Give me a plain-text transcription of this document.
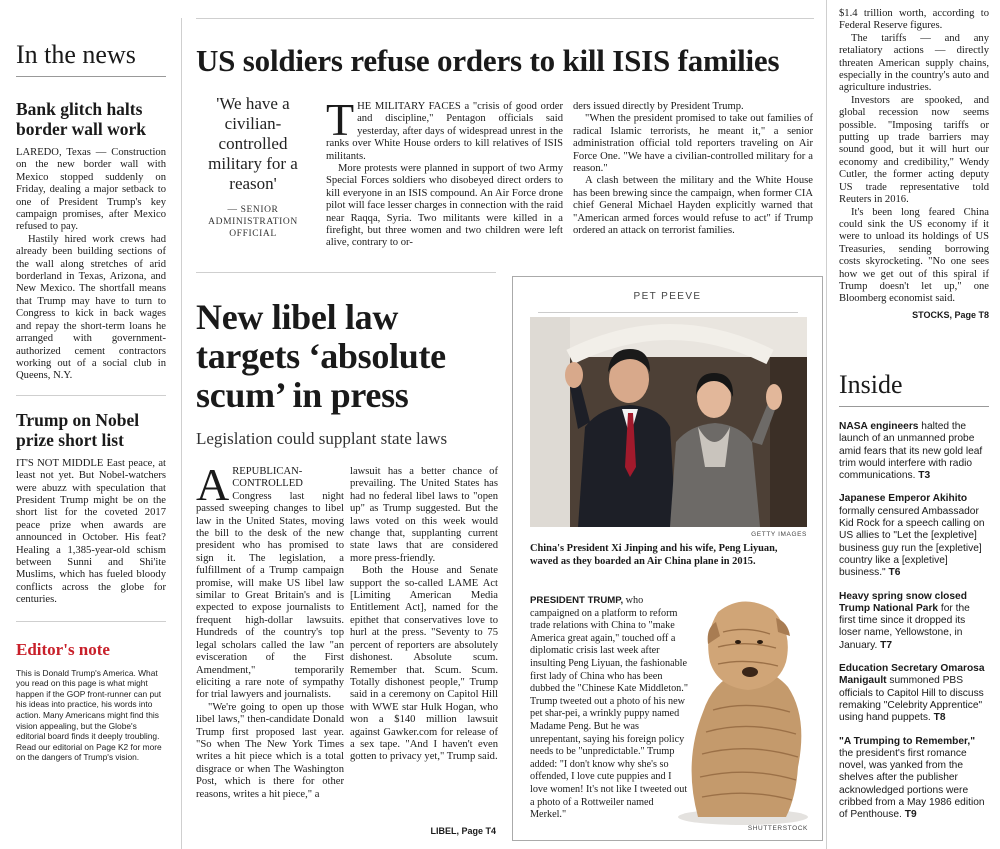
In the news
Bank glitch halts border wall work

LAREDO, Texas — Construction on the new border wall with Mexico stopped suddenly on Friday, dealing a major setback to one of President Trump's key campaign promises, after Mexico refused to pay.

Hastily hired work crews had already been building sections of the wall along stretches of arid borderland in Texas, Arizona, and New Mexico. The shortfall means that Trump may have to turn to Congress to kick in back wages and repay the short-term loans he arranged with government-authorized cement contractors working out of a social club in Queens, N.Y.

Trump on Nobel prize short list

IT'S NOT MIDDLE East peace, at least not yet. But Nobel-watchers were abuzz with speculation that President Trump might be on the short list for the coveted 2017 peace prize when awards are announced in October. His feat? Healing a 1,385-year-old schism between Sunni and Shi'ite Muslims, which has fueled bloody conflicts across the globe for centuries.

Editor's note

This is Donald Trump's America. What you read on this page is what might happen if the GOP front-runner can put his ideas into practice, his words into action. Many Americans might find this vision appealing, but the Globe's editorial board finds it deeply troubling. Read our editorial on Page K2 for more on the dangers of Trump's vision.

US soldiers refuse orders to kill ISIS families
'We have a civilian-controlled military for a reason'
— SENIOR ADMINISTRATION OFFICIAL

THE MILITARY FACES a "crisis of good order and discipline," Pentagon officials said yesterday, after days of widespread unrest in the ranks over White House orders to kill relatives of ISIS militants.

More protests were planned in support of two Army Special Forces soldiers who disobeyed direct orders to kill everyone in an ISIS compound. An Air Force drone pilot will face lesser charges in connection with the raid near Raqqa, Syria. Two militants were killed in a firefight, but three women and two children were left alive, contrary to or-

ders issued directly by President Trump.

"When the president promised to take out families of radical Islamic terrorists, he meant it," a senior administration official told reporters traveling on Air Force One. "We have a civilian-controlled military for a reason."

A clash between the military and the White House has been brewing since the campaign, when former CIA chief General Michael Hayden explicitly warned that "American armed forces would refuse to act" if Trump ordered an attack on terrorist families.

New libel law
targets ‘absolute
scum’ in press
Legislation could supplant state laws

AREPUBLICAN-CONTROLLED Congress last night passed sweeping changes to libel law in the United States, moving the bill to the desk of the new president who has promised to sign it. The legislation, a fulfillment of a Trump campaign promise, will make US libel law similar to Great Britain's and is expected to expose journalists to frequent high-dollar lawsuits. Hundreds of the country's top legal scholars called the law "an evisceration of the First Amendment," temporarily eliciting a rare note of sympathy for trial lawyers and journalists.

"We're going to open up those libel laws," then-candidate Donald Trump first proposed last year. "So when The New York Times writes a hit piece which is a total disgrace or when The Washington Post, which is there for other reasons, writes a hit piece," a

lawsuit has a better chance of prevailing. The United States has had no federal libel laws to "open up" as Trump suggested. But the laws voted on this week would change that, supplanting current state laws that are considered more press-friendly.

Both the House and Senate support the so-called LAME Act [Limiting American Media Entitlement Act], named for the epithet that conservatives love to hurl at the press. "Seventy to 75 percent of reporters are absolutely dishonest. Absolute scum. Remember that. Scum. Scum. Totally dishonest people," Trump said in a ceremony on Capitol Hill with WWE star Hulk Hogan, who won a $140 million lawsuit against Gawker.com for release of a sex tape. "And I haven't even gotten to privacy yet," Trump said.

LIBEL, Page T4
PET PEEVE
GETTY IMAGES
China's President Xi Jinping and his wife, Peng Liyuan, waved as they boarded an Air China plane in 2015.
PRESIDENT TRUMP, who campaigned on a platform to reform trade relations with China to "make America great again," touched off a diplomatic crisis last week after insulting Peng Liyuan, the fashionable first lady of China who has been dubbed the "Chinese Kate Middleton." Trump tweeted out a photo of his new pet shar-pei, a wrinkly puppy named Madame Peng. But he was unrepentant, saying his foreign policy needs to be "unpredictable." Trump added: "I don't know why she's so offended, I love cute puppies and I love women! It's not like I tweeted out a photo of a Rottweiler named Merkel."
SHUTTERSTOCK

$1.4 trillion worth, according to Federal Reserve figures.

The tariffs — and any retaliatory actions — directly threaten American supply chains, especially in the country's auto and agriculture industries.

Investors are spooked, and global recession now seems possible. "Imposing tariffs or putting up trade barriers may sound good, but it will hurt our economy and credibility," Wendy Cutler, the former acting deputy US trade representative told Reuters in 2016.

It's been long feared China could sink the US economy if it were to unload its holdings of US Treasuries, sending borrowing costs skyrocketing. "No one sees how we get out of this spiral if Trump doesn't let up," one Bloomberg economist said.

STOCKS, Page T8
Inside
NASA engineers halted the launch of an unmanned probe amid fears that its new gold leaf trim would interfere with radio communications. T3
Japanese Emperor Akihito formally censured Ambassador Kid Rock for a speech calling on US allies to "Let the [expletive] business guy run the [expletive] country like a [expletive] business." T6
Heavy spring snow closed Trump National Park for the first time since it dropped its loser name, Yellowstone, in January. T7
Education Secretary Omarosa Manigault summoned PBS officials to Capitol Hill to discuss remaking "Celebrity Apprentice" using hand puppets. T8
"A Trumping to Remember," the president's first romance novel, was yanked from the shelves after the publisher acknowledged portions were cribbed from a May 1986 edition of Penthouse. T9
